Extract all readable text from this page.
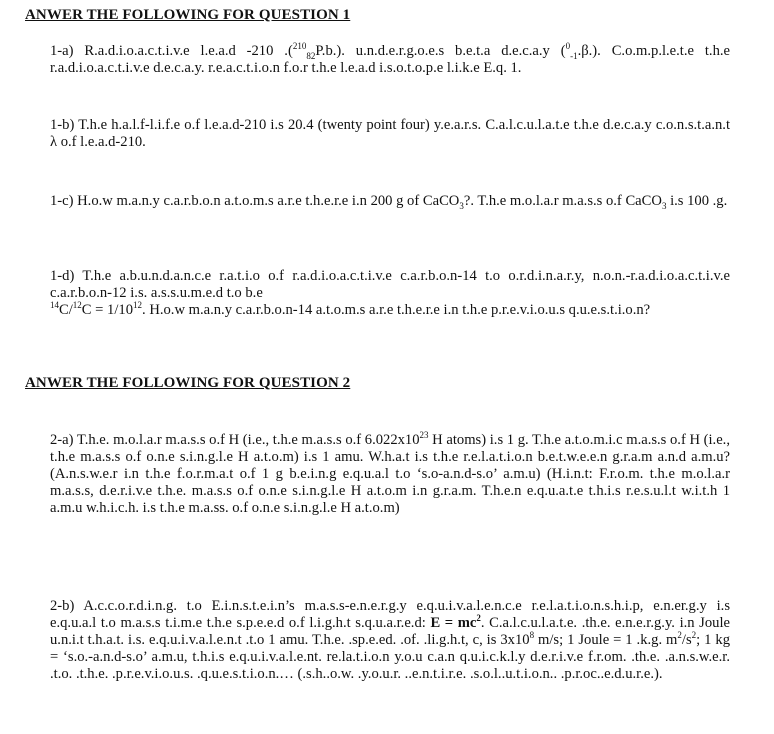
ANWER THE FOLLOWING FOR QUESTION 1

1-a) R.a.d.i.o.a.c.t.i.v.e l.e.a.d -210 .($^{210}_{82}$P.b.). u.n.d.e.r.g.o.e.s b.e.t.a d.e.c.a.y ($^0_{-1}$.β.). C.o.m.p.l.e.t.e t.h.e r.a.d.i.o.a.c.t.i.v.e d.e.c.a.y. r.e.a.c.t.i.o.n f.o.r t.h.e l.e.a.d i.s.o.t.o.p.e l.i.k.e E.q. 1.

1-b) T.h.e h.a.l.f-l.i.f.e o.f l.e.a.d-210 i.s 20.4 (twenty point four) y.e.a.r.s. C.a.l.c.u.l.a.t.e t.h.e d.e.c.a.y c.o.n.s.t.a.n.t λ o.f l.e.a.d-210.

1-c) H.o.w m.a.n.y c.a.r.b.o.n a.t.o.m.s a.r.e t.h.e.r.e i.n 200 g of CaCO$_3$?. T.h.e m.o.l.a.r m.a.s.s o.f CaCO$_3$ i.s 100 .g.

1-d) T.h.e a.b.u.n.d.a.n.c.e r.a.t.i.o o.f r.a.d.i.o.a.c.t.i.v.e c.a.r.b.o.n-14 t.o o.r.d.i.n.a.r.y, n.o.n.-r.a.d.i.o.a.c.t.i.v.e c.a.r.b.o.n-12 i.s. a.s.s.u.m.e.d t.o b.e
$^{14}C/^{12}C = 1/10^{12}$. H.o.w m.a.n.y c.a.r.b.o.n-14 a.t.o.m.s a.r.e t.h.e.r.e i.n t.h.e p.r.e.v.i.o.u.s q.u.e.s.t.i.o.n?

ANWER THE FOLLOWING FOR QUESTION 2

2-a) T.h.e. m.o.l.a.r m.a.s.s o.f H (i.e., t.h.e m.a.s.s o.f $6.022x10^{23}$ H atoms) i.s 1 g. T.h.e a.t.o.m.i.c m.a.s.s o.f H (i.e., t.h.e m.a.s.s o.f o.n.e s.i.n.g.l.e H a.t.o.m) i.s 1 amu. W.h.a.t i.s t.h.e r.e.l.a.t.i.o.n b.e.t.w.e.e.n g.r.a.m a.n.d a.m.u? (A.n.s.w.e.r i.n t.h.e f.o.r.m.a.t o.f 1 g b.e.i.n.g e.q.u.a.l t.o ‘s.o-a.n.d-s.o’ a.m.u) (H.i.n.t: F.r.o.m. t.h.e m.o.l.a.r m.a.s.s, d.e.r.i.v.e t.h.e. m.a.s.s o.f o.n.e s.i.n.g.l.e H a.t.o.m i.n g.r.a.m. T.h.e.n e.q.u.a.t.e t.h.i.s r.e.s.u.l.t w.i.t.h 1 a.m.u w.h.i.c.h. i.s t.h.e m.a.ss. o.f o.n.e s.i.n.g.l.e H a.t.o.m)

2-b) A.c.c.o.r.d.i.n.g. t.o E.i.n.s.t.e.i.n’s m.a.s.s-e.n.e.r.g.y e.q.u.i.v.a.l.e.n.c.e r.e.l.a.t.i.o.n.s.h.i.p, e.n.er.g.y i.s e.q.u.a.l t.o m.a.s.s t.i.m.e t.h.e s.p.e.e.d o.f l.i.g.h.t s.q.u.a.r.e.d: $E = mc^2$. C.a.l.c.u.l.a.t.e. .th.e. e.n.e.r.g.y. i.n Joule u.n.i.t t.h.a.t. i.s. e.q.u.i.v.a.l.e.n.t .t.o 1 amu. T.h.e. .sp.e.ed. .of. .li.g.h.t, c, is $3x10^8$ m/s; 1 Joule = 1 .k.g. $m^2/s^2$; 1 kg = ‘s.o.-a.n.d-s.o’ a.m.u, t.h.i.s e.q.u.i.v.a.l.e.nt. re.la.t.i.o.n y.o.u c.a.n q.u.i.c.k.l.y d.e.r.i.v.e f.r.om. .th.e. .a.n.s.w.e.r. .t.o. .t.h.e. .p.r.e.v.i.o.u.s. .q.u.e.s.t.i.o.n.… (.s.h..o.w. .y.o.u.r. ..e.n.t.i.r.e. .s.o.l..u.t.i.o.n.. .p.r.oc..e.d.u.r.e.).
